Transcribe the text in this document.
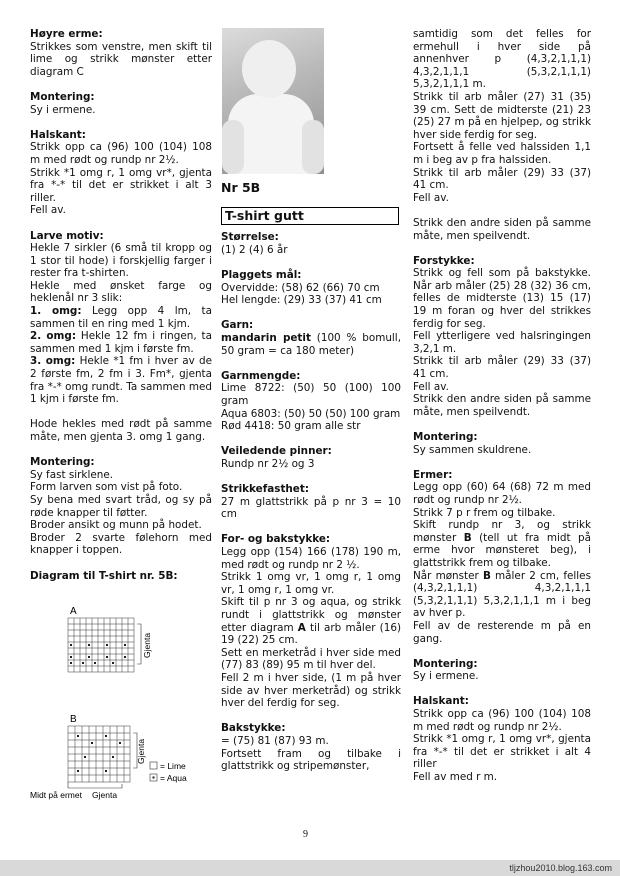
Høyre erme:
Strikkes som venstre, men skift til lime og strikk mønster etter diagram C
Montering:
Sy i ermene.
Halskant:
Strikk opp ca (96) 100 (104) 108 m med rødt og rundp nr 2½.
Strikk *1 omg r, 1 omg vr*, gjenta fra *-* til det er strikket i alt 3 riller.
Fell av.
Larve motiv:
Hekle 7 sirkler (6 små til kropp og 1 stor til hode) i forskjellig farger i rester fra t-shirten.
Hekle med ønsket farge og heklenål nr 3 slik:
1. omg: Legg opp 4 lm, ta sammen til en ring med 1 kjm.
2. omg: Hekle 12 fm i ringen, ta sammen med 1 kjm i første fm.
3. omg: Hekle *1 fm i hver av de 2 første fm, 2 fm i 3. Fm*, gjenta fra *-* omg rundt. Ta sammen med 1 kjm i første fm.
Hode hekles med rødt på samme måte, men gjenta 3. omg 1 gang.
Montering:
Sy fast sirklene.
Form larven som vist på foto.
Sy bena med svart tråd, og sy på røde knapper til føtter.
Broder ansikt og munn på hodet.
Broder 2 svarte følehorn med knapper i toppen.
Diagram til T-shirt nr. 5B:
A
Gjenta
B
Gjenta
Midt på ermet Gjenta
= Lime
= Aqua
Nr 5B
T-shirt gutt
Størrelse:
(1) 2 (4) 6 år
Plaggets mål:
Overvidde: (58) 62 (66) 70 cm
Hel lengde: (29) 33 (37) 41 cm
Garn:
mandarin petit (100 % bomull, 50 gram = ca 180 meter)
Garnmengde:
Lime 8722: (50) 50 (100) 100 gram
Aqua 6803: (50) 50 (50) 100 gram
Rød 4418: 50 gram alle str
Veiledende pinner:
Rundp nr 2½ og 3
Strikkefasthet:
27 m glattstrikk på p nr 3 = 10 cm
For- og bakstykke:
Legg opp (154) 166 (178) 190 m, med rødt og rundp nr 2 ½.
Strikk 1 omg vr, 1 omg r, 1 omg vr, 1 omg r, 1 omg vr.
Skift til p nr 3 og aqua, og strikk rundt i glattstrikk og mønster etter diagram A til arb måler (16) 19 (22) 25 cm.
Sett en merketråd i hver side med (77) 83 (89) 95 m til hver del.
Fell 2 m i hver side, (1 m på hver side av hver merketråd) og strikk hver del ferdig for seg.
Bakstykke:
= (75) 81 (87) 93 m.
Fortsett fram og tilbake i glattstrikk og stripemønster,
samtidig som det felles for ermehull i hver side på annenhver p (4,3,2,1,1,1) 4,3,2,1,1,1 (5,3,2,1,1,1) 5,3,2,1,1,1 m.
Strikk til arb måler (27) 31 (35) 39 cm. Sett de midterste (21) 23 (25) 27 m på en hjelpep, og strikk hver side ferdig for seg.
Fortsett å felle ved halssiden 1,1 m i beg av p fra halssiden.
Strikk til arb måler (29) 33 (37) 41 cm.
Fell av.
Strikk den andre siden på samme måte, men speilvendt.
Forstykke:
Strikk og fell som på bakstykke. Når arb måler (25) 28 (32) 36 cm, felles de midterste (13) 15 (17) 19 m foran og hver del strikkes ferdig for seg.
Fell ytterligere ved halsringingen 3,2,1 m.
Strikk til arb måler (29) 33 (37) 41 cm.
Fell av.
Strikk den andre siden på samme måte, men speilvendt.
Montering:
Sy sammen skuldrene.
Ermer:
Legg opp (60) 64 (68) 72 m med rødt og rundp nr 2½.
Strikk 7 p r frem og tilbake.
Skift rundp nr 3, og strikk mønster B (tell ut fra midt på erme hvor mønsteret beg), i glattstrikk frem og tilbake.
Når mønster B måler 2 cm, felles (4,3,2,1,1,1) 4,3,2,1,1,1 (5,3,2,1,1,1) 5,3,2,1,1,1 m i beg av hver p.
Fell av de resterende m på en gang.
Montering:
Sy i ermene.
Halskant:
Strikk opp ca (96) 100 (104) 108 m med rødt og rundp nr 2½.
Strikk *1 omg r, 1 omg vr*, gjenta fra *-* til det er strikket i alt 4 riller
Fell av med r m.
9
tljzhou2010.blog.163.com
